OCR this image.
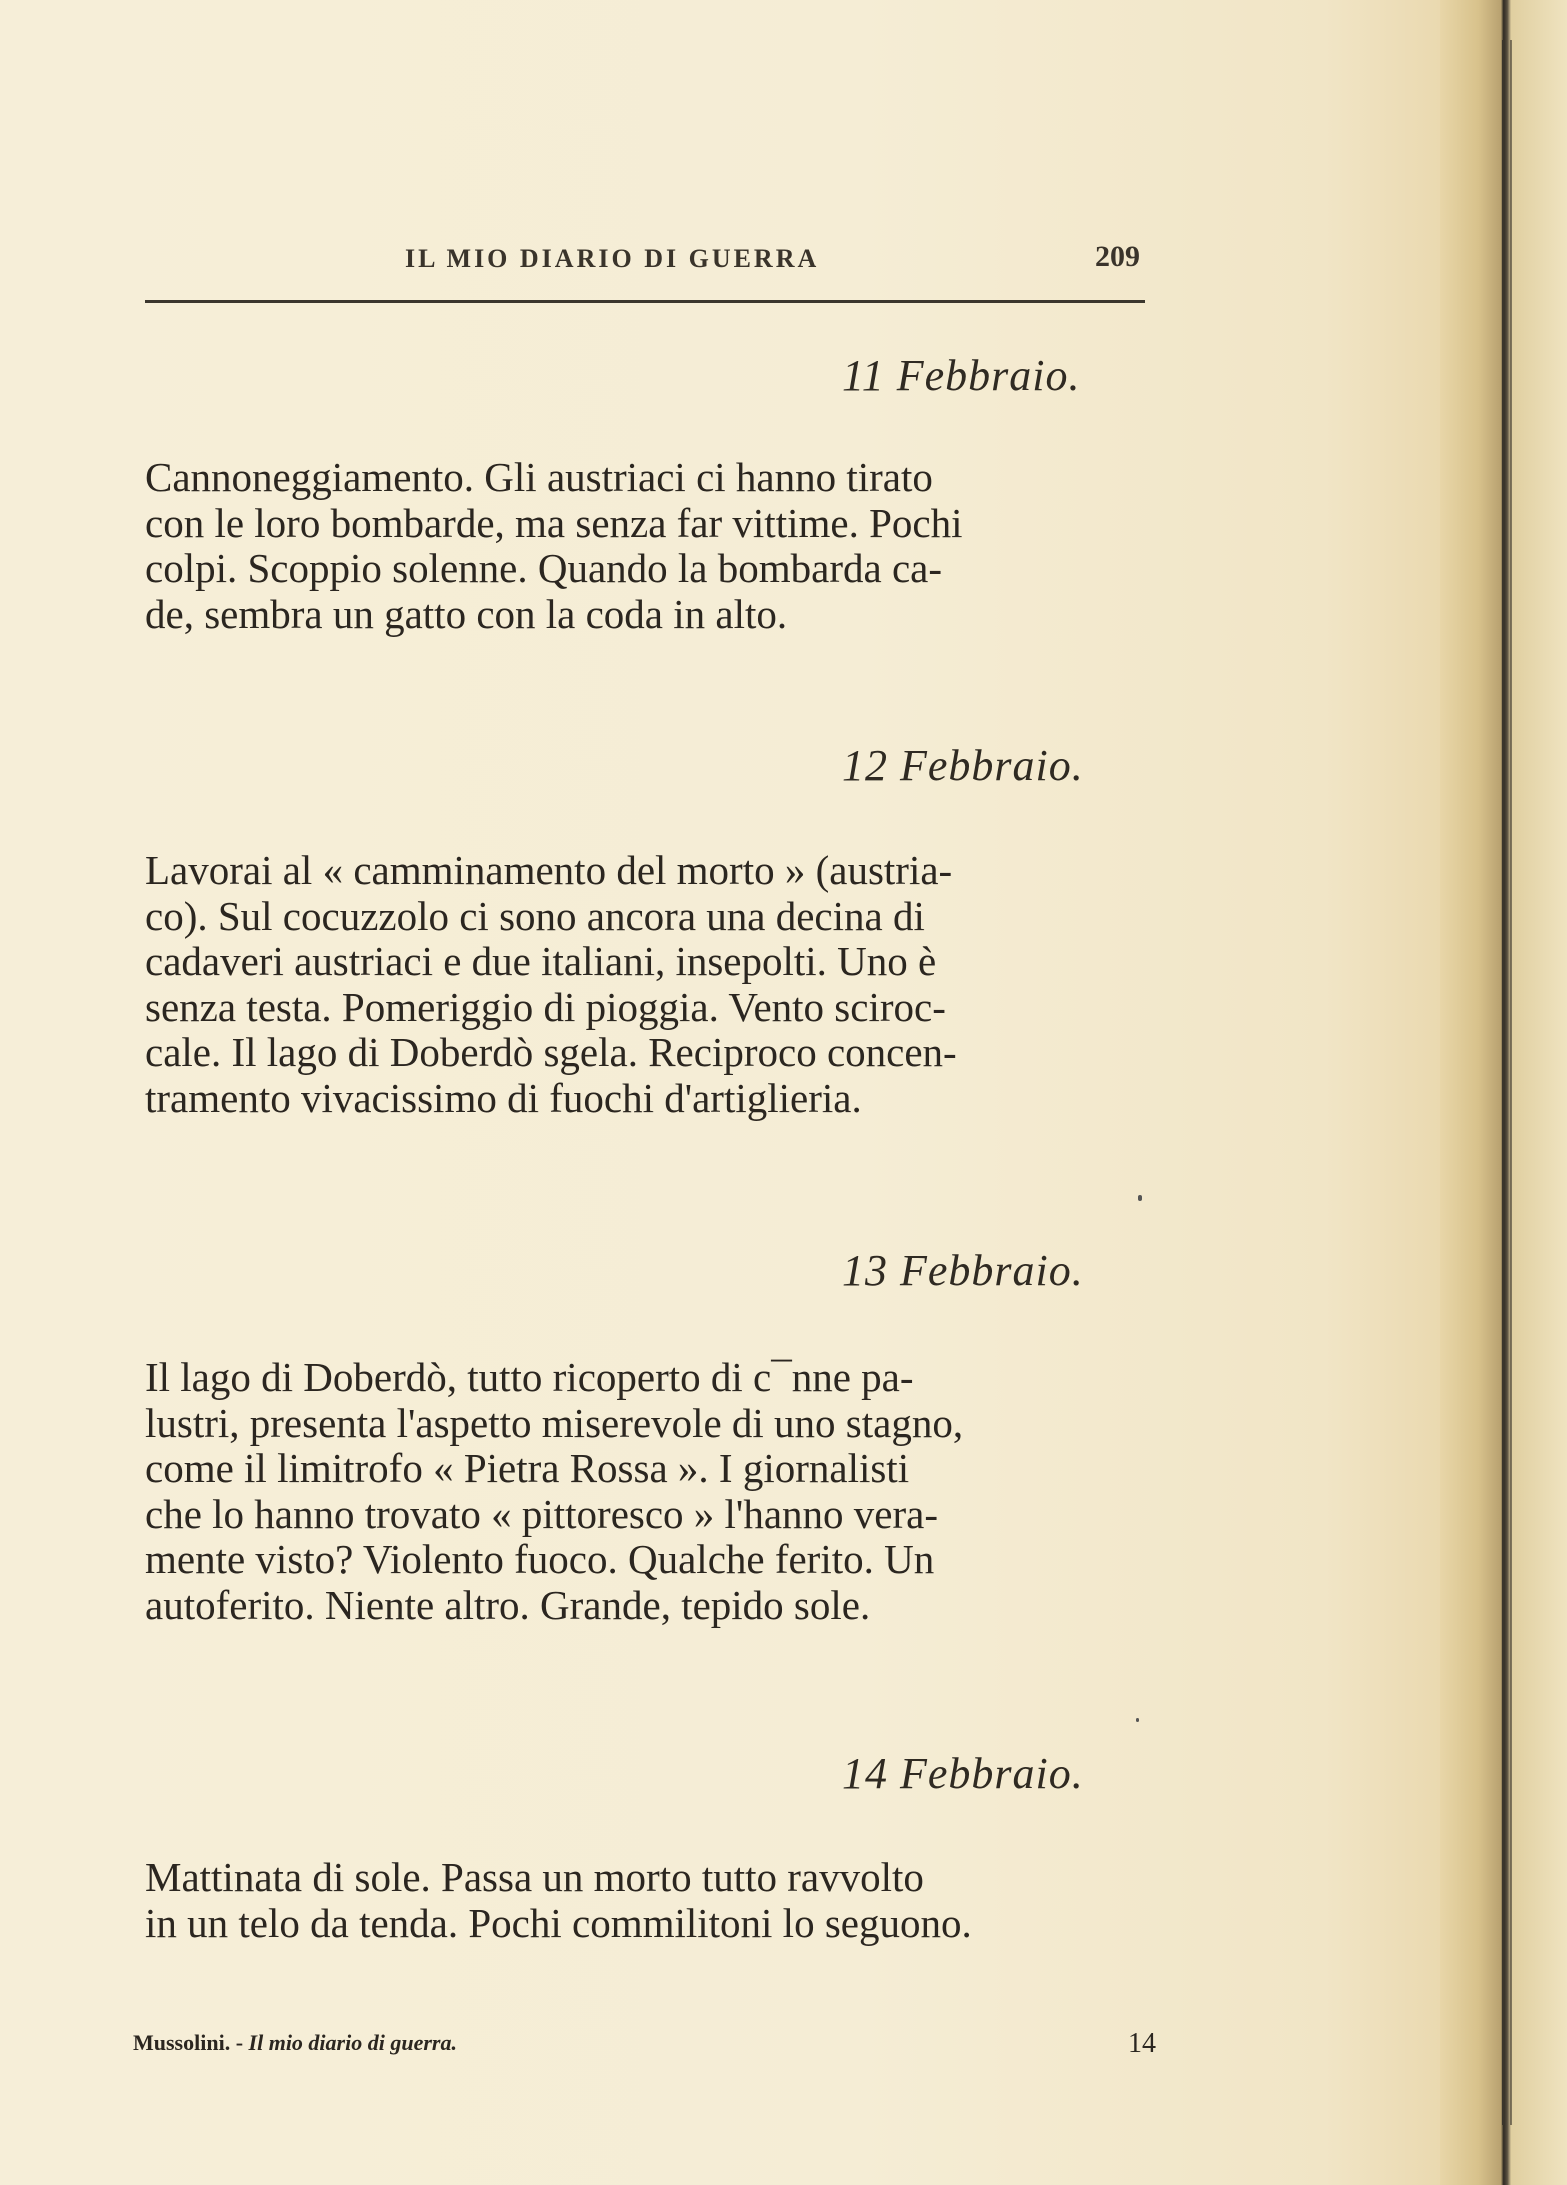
IL MIO DIARIO DI GUERRA	209
11 Febbraio.
Cannoneggiamento. Gli austriaci ci hanno tirato
con le loro bombarde, ma senza far vittime. Pochi
colpi. Scoppio solenne. Quando la bombarda ca-
de, sembra un gatto con la coda in alto.
12 Febbraio.
Lavorai al « camminamento del morto » (austria-
co). Sul cocuzzolo ci sono ancora una decina di
cadaveri austriaci e due italiani, insepolti. Uno è
senza testa. Pomeriggio di pioggia. Vento sciroc-
cale. Il lago di Doberdò sgela. Reciproco concen-
tramento vivacissimo di fuochi d'artiglieria.
13 Febbraio.
Il lago di Doberdò, tutto ricoperto di c¯nne pa-
lustri, presenta l'aspetto miserevole di uno stagno,
come il limitrofo « Pietra Rossa ». I giornalisti
che lo hanno trovato « pittoresco » l'hanno vera-
mente visto? Violento fuoco. Qualche ferito. Un
autoferito. Niente altro. Grande, tepido sole.
14 Febbraio.
Mattinata di sole. Passa un morto tutto ravvolto
in un telo da tenda. Pochi commilitoni lo seguono.
Mussolini. - Il mio diario di guerra.	14
